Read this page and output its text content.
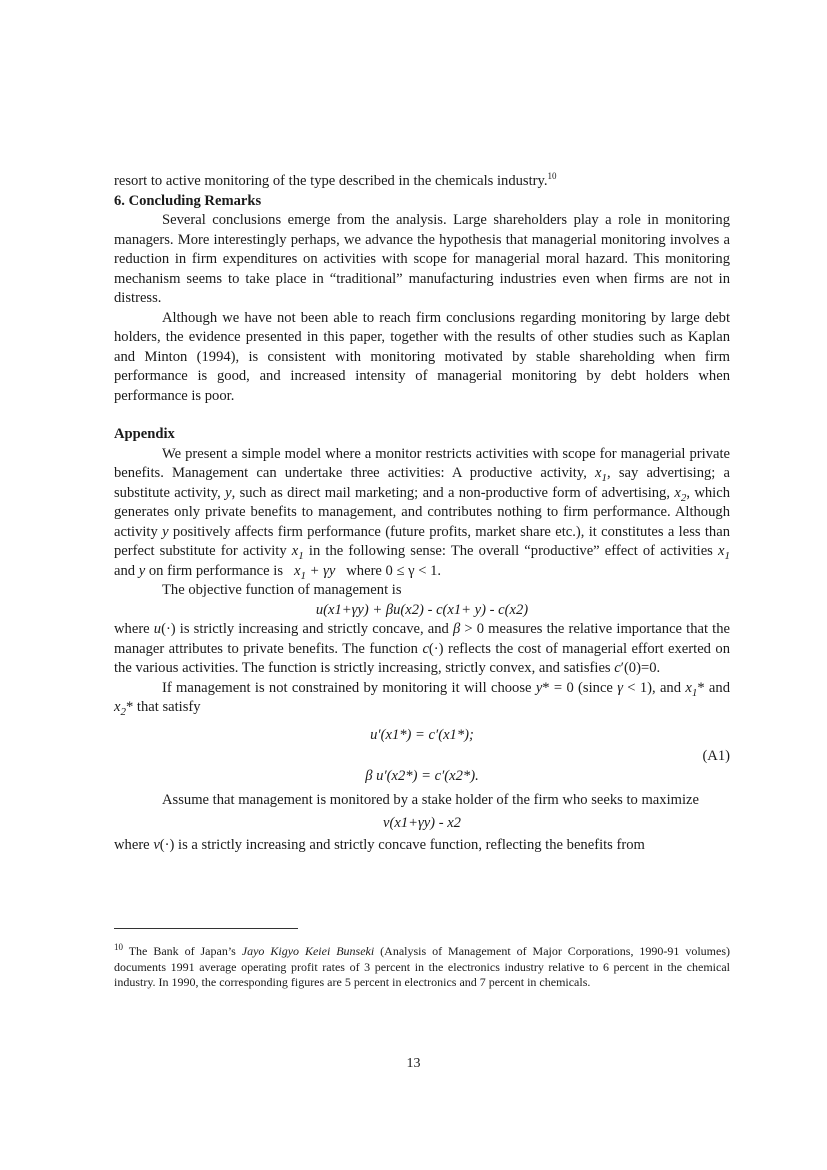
resort to active monitoring of the type described in the chemicals industry.$^{10}$

6. Concluding Remarks

Several conclusions emerge from the analysis. Large shareholders play a role in monitoring managers. More interestingly perhaps, we advance the hypothesis that managerial monitoring involves a reduction in firm expenditures on activities with scope for managerial moral hazard. This monitoring mechanism seems to take place in “traditional” manufacturing industries even when firms are not in distress.

Although we have not been able to reach firm conclusions regarding monitoring by large debt holders, the evidence presented in this paper, together with the results of other studies such as Kaplan and Minton (1994), is consistent with monitoring motivated by stable shareholding when firm performance is good, and increased intensity of managerial monitoring by debt holders when performance is poor.

Appendix

We present a simple model where a monitor restricts activities with scope for managerial private benefits. Management can undertake three activities: A productive activity, $x_1$, say advertising; a substitute activity, y, such as direct mail marketing; and a non-productive form of advertising, $x_2$, which generates only private benefits to management, and contributes nothing to firm performance. Although activity y positively affects firm performance (future profits, market share etc.), it constitutes a less than perfect substitute for activity $x_1$ in the following sense: The overall “productive” effect of activities $x_1$ and y on firm performance is   $x_1 + \gamma y$   where 0 ≤ γ < 1.

The objective function of management is

u(x1+γy) + βu(x2) - c(x1+ y) - c(x2)

where u(·) is strictly increasing and strictly concave, and β > 0 measures the relative importance that the manager attributes to private benefits. The function c(·) reflects the cost of managerial effort exerted on the various activities. The function is strictly increasing, strictly convex, and satisfies c′(0)=0.

If management is not constrained by monitoring it will choose y* = 0 (since γ < 1), and $x_1*$ and $x_2*$ that satisfy

u′(x1*) = c′(x1*);

(A1)

β u′(x2*) = c′(x2*).

Assume that management is monitored by a stake holder of the firm who seeks to maximize

v(x1+γy) - x2

where v(·) is a strictly increasing and strictly concave function, reflecting the benefits from

$^{10}$ The Bank of Japan’s Jayo Kigyo Keiei Bunseki (Analysis of Management of Major Corporations, 1990-91 volumes) documents 1991 average operating profit rates of 3 percent in the electronics industry relative to 6 percent in the chemical industry. In 1990, the corresponding figures are 5 percent in electronics and 7 percent in chemicals.

13
